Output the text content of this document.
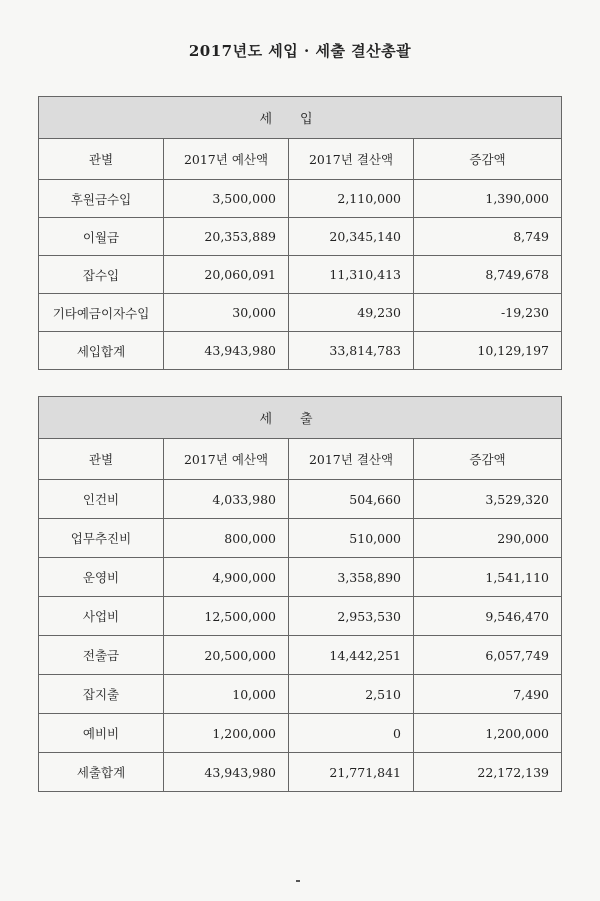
2017년도 세입 · 세출 결산총괄
세입			
관별	2017년 예산액	2017년 결산액	증감액
후원금수입	3,500,000	2,110,000	1,390,000
이월금	20,353,889	20,345,140	8,749
잡수입	20,060,091	11,310,413	8,749,678
기타예금이자수입	30,000	49,230	-19,230
세입합계	43,943,980	33,814,783	10,129,197
세출			
관별	2017년 예산액	2017년 결산액	증감액
인건비	4,033,980	504,660	3,529,320
업무추진비	800,000	510,000	290,000
운영비	4,900,000	3,358,890	1,541,110
사업비	12,500,000	2,953,530	9,546,470
전출금	20,500,000	14,442,251	6,057,749
잡지출	10,000	2,510	7,490
예비비	1,200,000	0	1,200,000
세출합계	43,943,980	21,771,841	22,172,139
